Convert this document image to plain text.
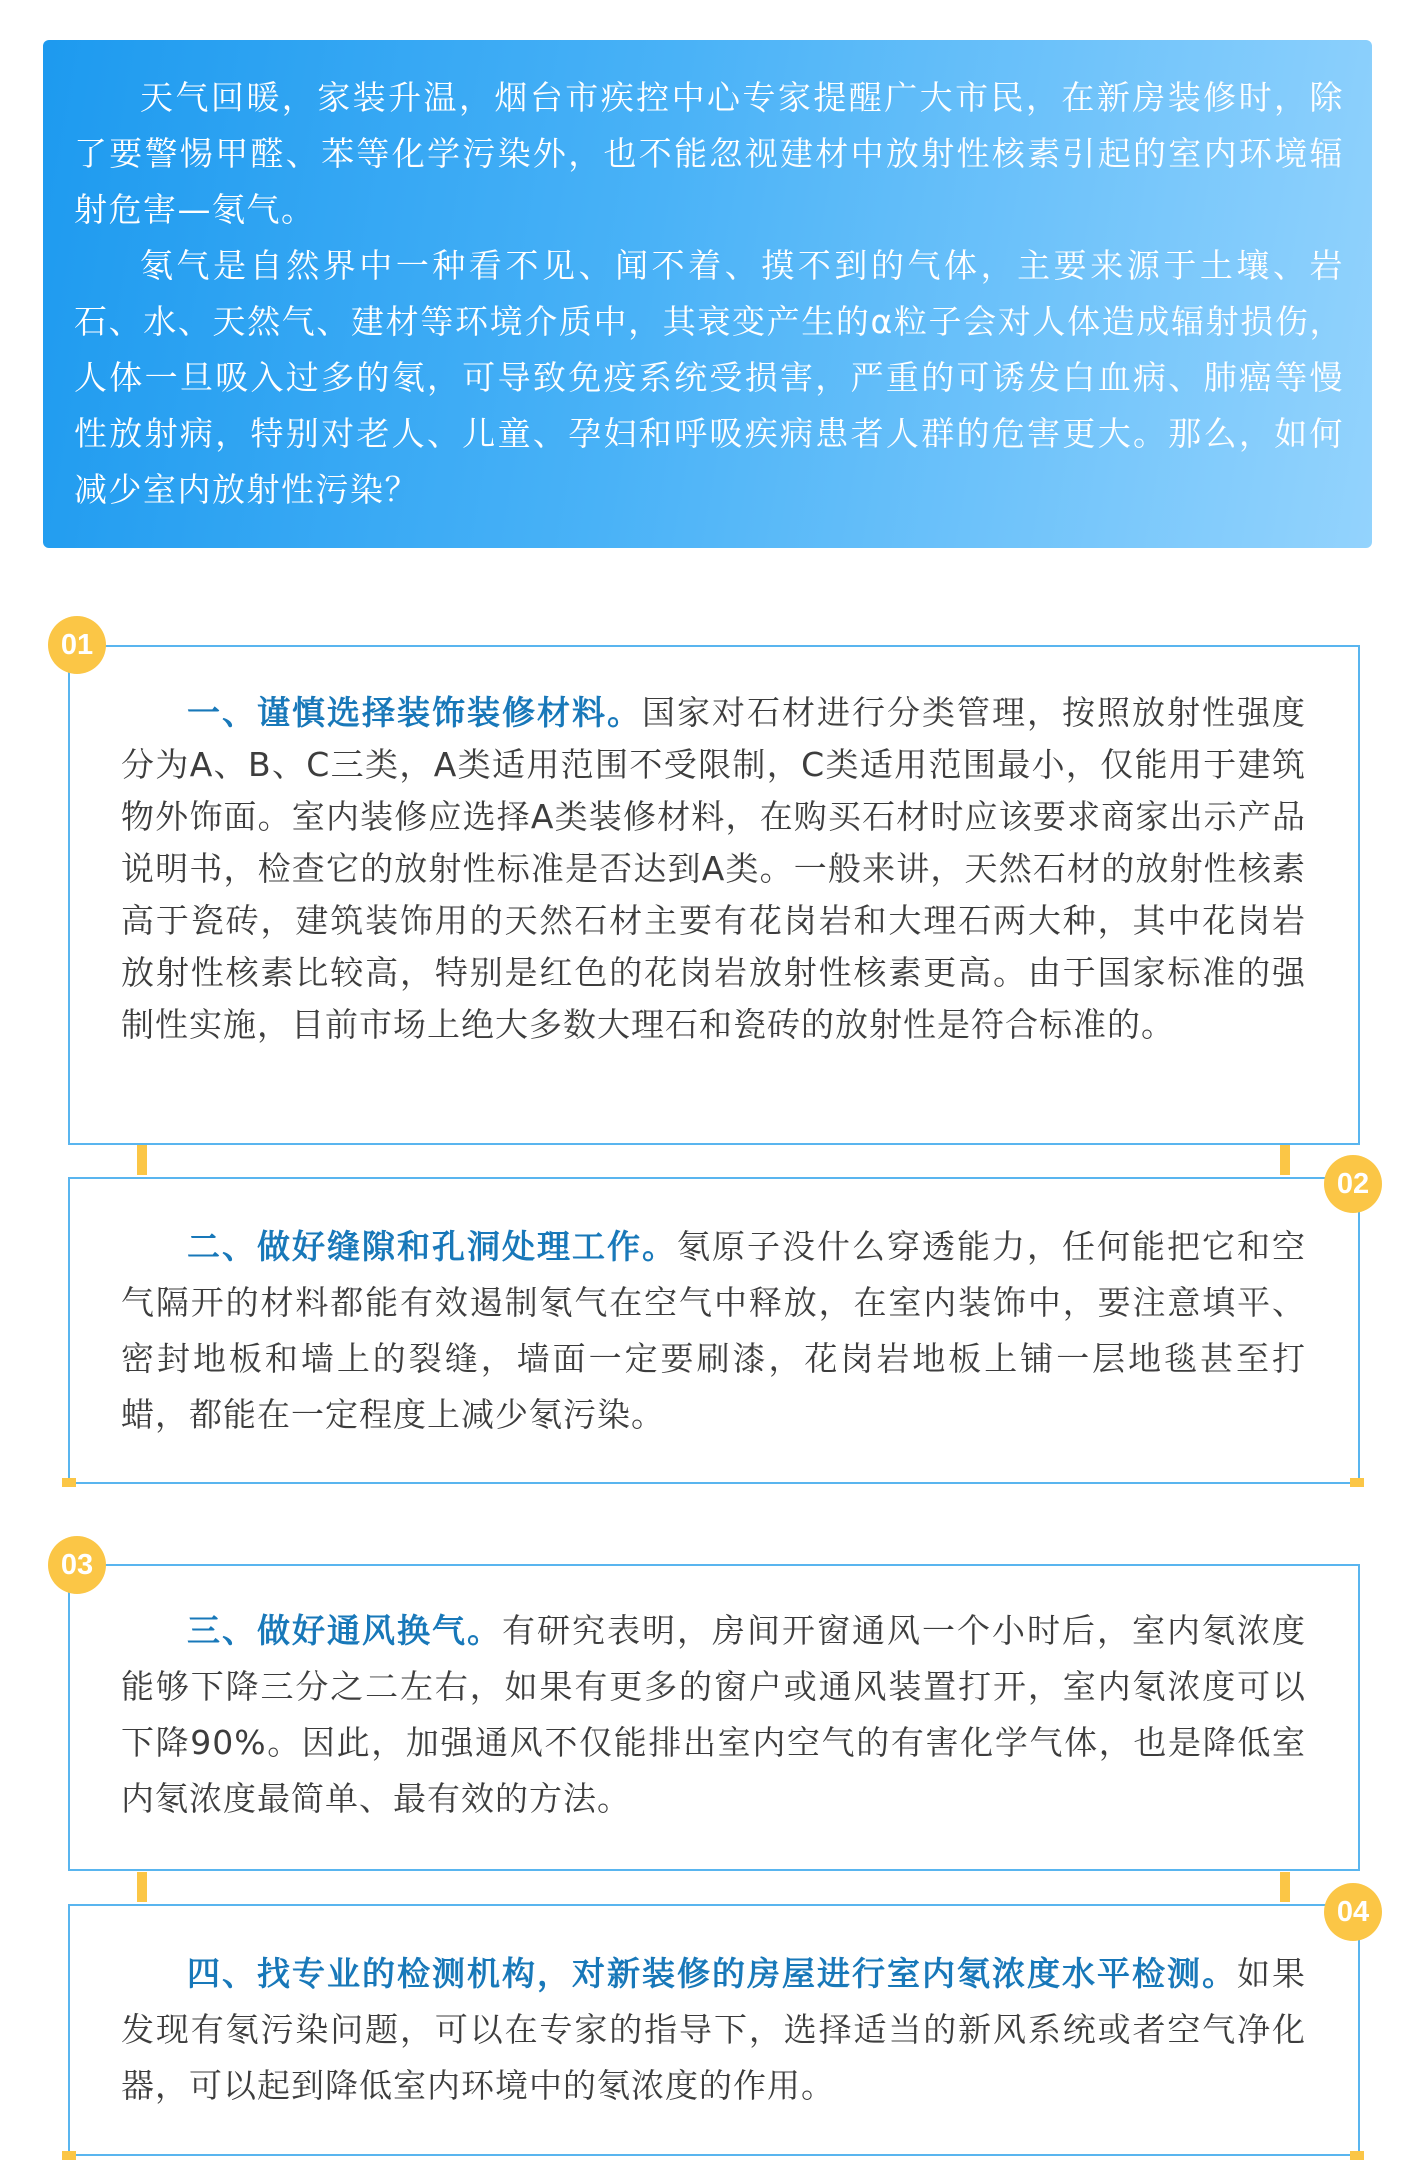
天气回暖，家装升温，烟台市疾控中心专家提醒广大市民，在新房装修时，除了要警惕甲醛、苯等化学污染外，也不能忽视建材中放射性核素引起的室内环境辐射危害—氡气。

氡气是自然界中一种看不见、闻不着、摸不到的气体，主要来源于土壤、岩石、水、天然气、建材等环境介质中，其衰变产生的α粒子会对人体造成辐射损伤，人体一旦吸入过多的氡，可导致免疫系统受损害，严重的可诱发白血病、肺癌等慢性放射病，特别对老人、儿童、孕妇和呼吸疾病患者人群的危害更大。那么，如何减少室内放射性污染？

01

一、谨慎选择装饰装修材料。国家对石材进行分类管理，按照放射性强度分为A、B、C三类，A类适用范围不受限制，C类适用范围最小，仅能用于建筑物外饰面。室内装修应选择A类装修材料，在购买石材时应该要求商家出示产品说明书，检查它的放射性标准是否达到A类。一般来讲，天然石材的放射性核素高于瓷砖，建筑装饰用的天然石材主要有花岗岩和大理石两大种，其中花岗岩放射性核素比较高，特别是红色的花岗岩放射性核素更高。由于国家标准的强制性实施，目前市场上绝大多数大理石和瓷砖的放射性是符合标准的。

02

二、做好缝隙和孔洞处理工作。氡原子没什么穿透能力，任何能把它和空气隔开的材料都能有效遏制氡气在空气中释放，在室内装饰中，要注意填平、密封地板和墙上的裂缝，墙面一定要刷漆，花岗岩地板上铺一层地毯甚至打蜡，都能在一定程度上减少氡污染。

03

三、做好通风换气。有研究表明，房间开窗通风一个小时后，室内氡浓度能够下降三分之二左右，如果有更多的窗户或通风装置打开，室内氡浓度可以下降90%。因此，加强通风不仅能排出室内空气的有害化学气体，也是降低室内氡浓度最简单、最有效的方法。

04

四、找专业的检测机构，对新装修的房屋进行室内氡浓度水平检测。如果发现有氡污染问题，可以在专家的指导下，选择适当的新风系统或者空气净化器，可以起到降低室内环境中的氡浓度的作用。
